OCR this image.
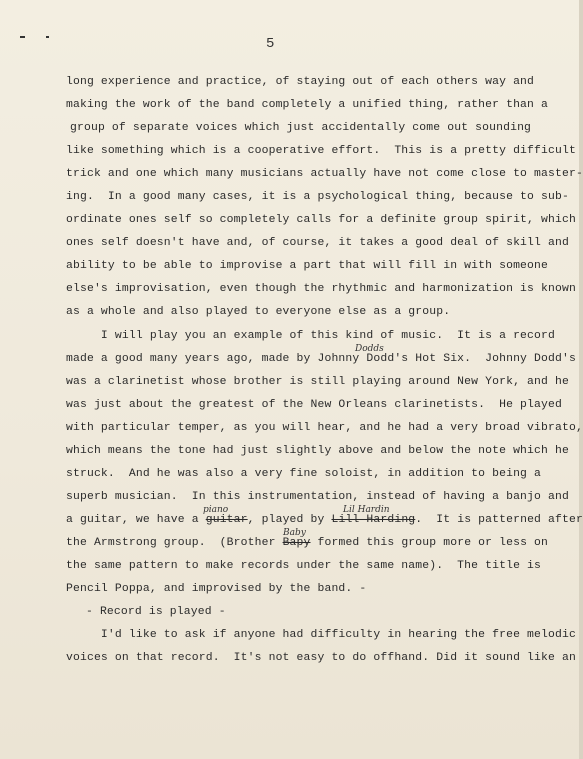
5
long experience and practice, of staying out of each others way and
making the work of the band completely a unified thing, rather than a
group of separate voices which just accidentally come out sounding
like something which is a cooperative effort.  This is a pretty difficult
trick and one which many musicians actually have not come close to master-
ing.  In a good many cases, it is a psychological thing, because to sub-
ordinate ones self so completely calls for a definite group spirit, which
ones self doesn't have and, of course, it takes a good deal of skill and
ability to be able to improvise a part that will fill in with someone
else's improvisation, even though the rhythmic and harmonization is known
as a whole and also played to everyone else as a group.
I will play you an example of this kind of music.  It is a record
made a good many years ago, made by Johnny Dodd's Hot Six.  Johnny Dodd's
was a clarinetist whose brother is still playing around New York, and he
was just about the greatest of the New Orleans clarinetists.  He played
with particular temper, as you will hear, and he had a very broad vibrato,
which means the tone had just slightly above and below the note which he
struck.  And he was also a very fine soloist, in addition to being a
superb musician.  In this instrumentation, instead of having a banjo and
a guitar, we have a guitar, played by Lill Harding.  It is patterned after
the Armstrong group.  (Brother Bapy formed this group more or less on
the same pattern to make records under the same name).  The title is
Pencil Poppa, and improvised by the band. -
- Record is played -
I'd like to ask if anyone had difficulty in hearing the free melodic
voices on that record.  It's not easy to do offhand. Did it sound like an
Dodds
piano	Lil Hardin
Baby
